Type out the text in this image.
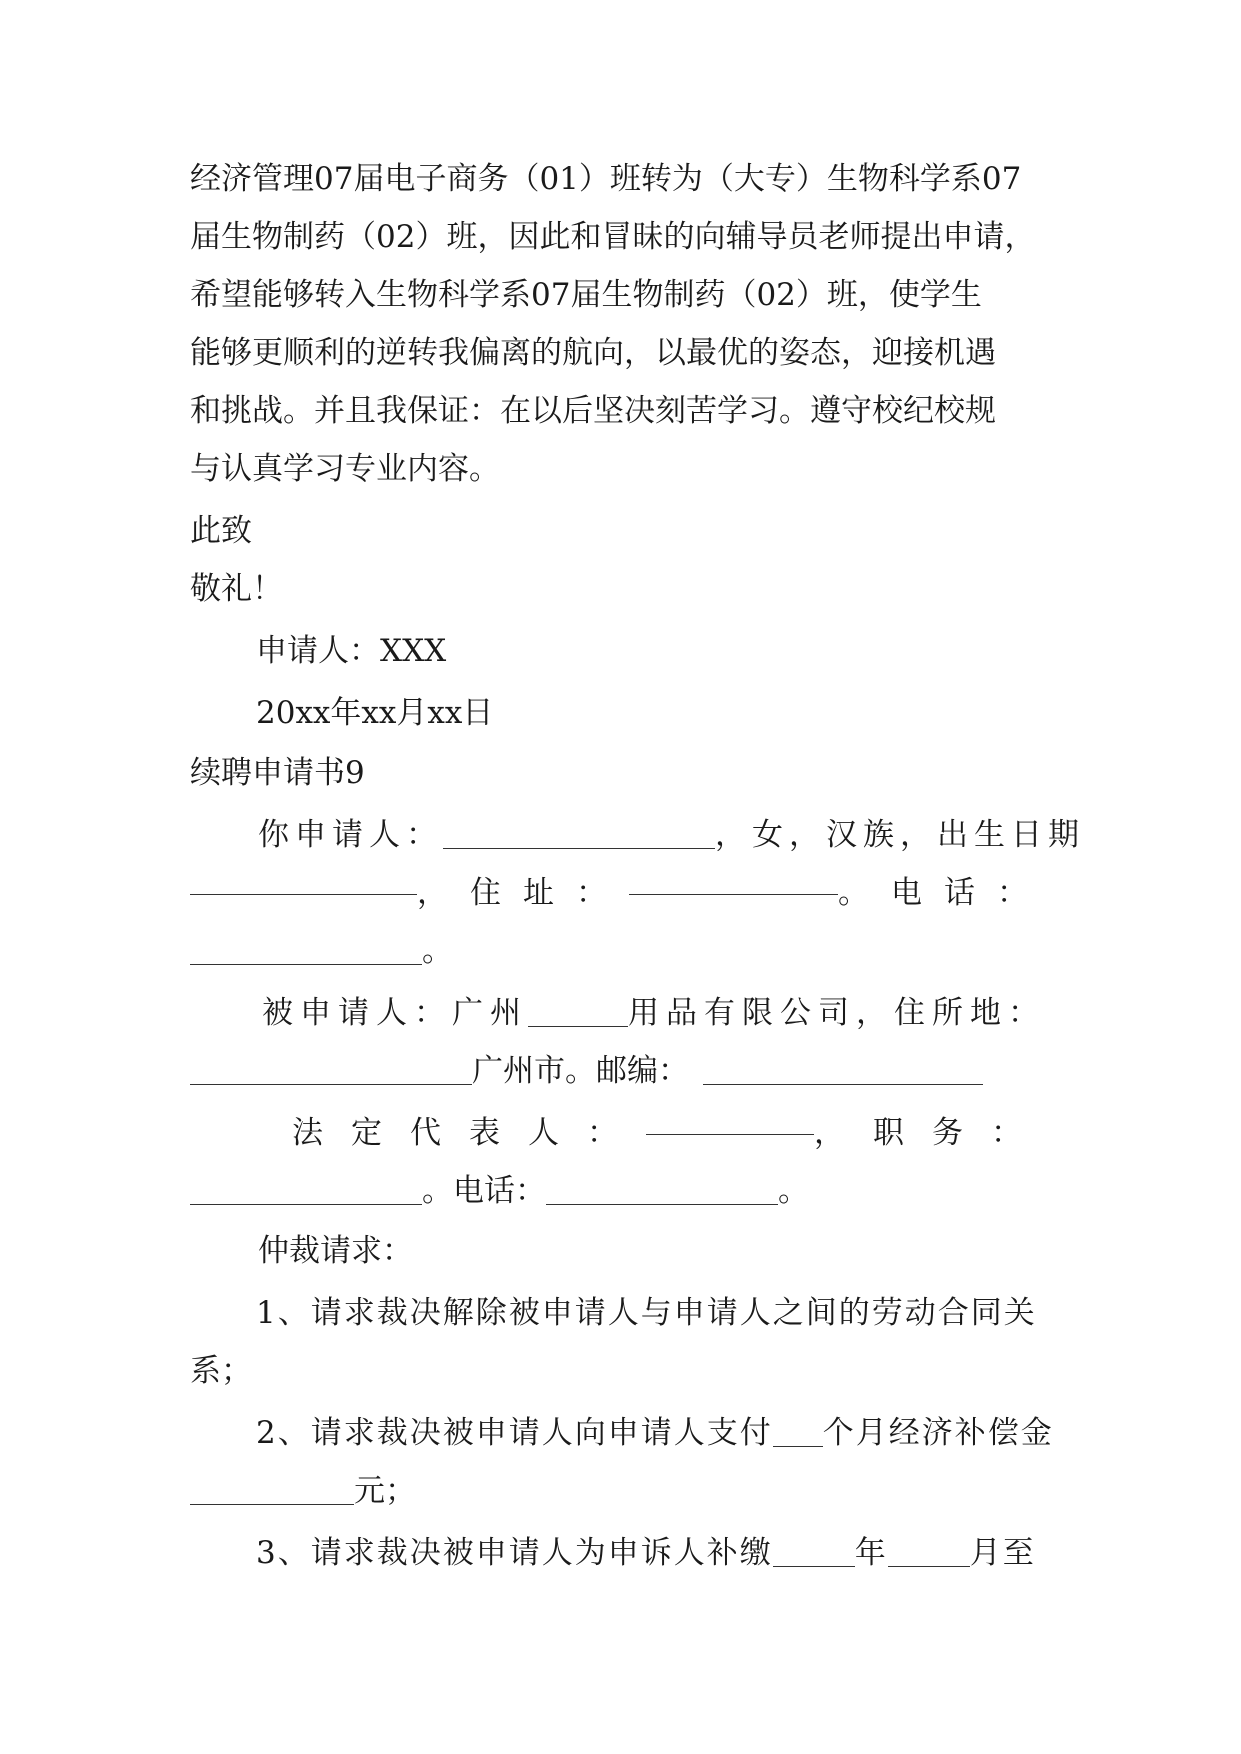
经济管理07届电子商务（01）班转为（大专）生物科学系07
届生物制药（02）班，因此和冒昧的向辅导员老师提出申请，
希望能够转入生物科学系07届生物制药（02）班，使学生
能够更顺利的逆转我偏离的航向，以最优的姿态，迎接机遇
和挑战。并且我保证：在以后坚决刻苦学习。遵守校纪校规
与认真学习专业内容。
此致
敬礼！
申请人：XXX
20xx年xx月xx日
续聘申请书9
你申请人：	，女，汉族，出生日期
，住址：	。电话：
。
被申请人：广州	用品有限公司，住所地：
广州市。邮编：
法定代表人：	，职务：
。电话：	。
仲裁请求：
1、请求裁决解除被申请人与申请人之间的劳动合同关
系；
2、请求裁决被申请人向申请人支付 个月经济补偿金
元；
3、请求裁决被申请人为申诉人补缴	年	月至
